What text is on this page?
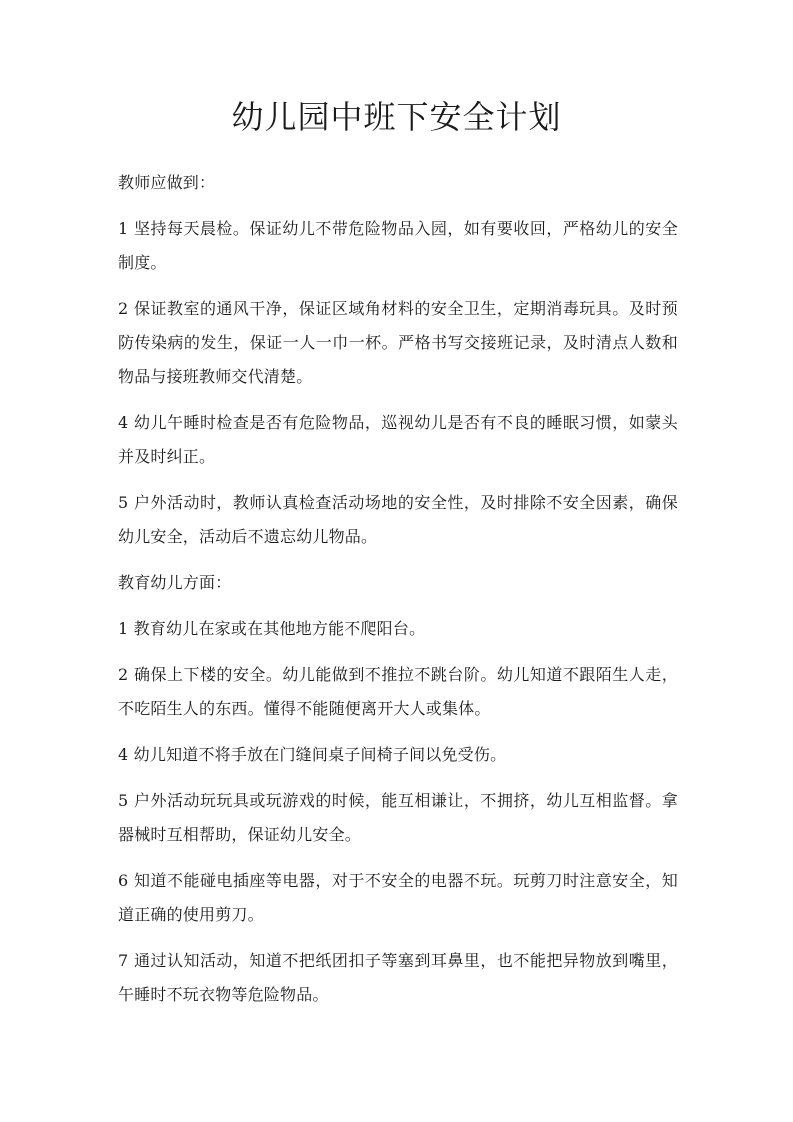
幼儿园中班下安全计划

教师应做到：

1 坚持每天晨检。保证幼儿不带危险物品入园，如有要收回，严格幼儿的安全制度。

2 保证教室的通风干净，保证区域角材料的安全卫生，定期消毒玩具。及时预防传染病的发生，保证一人一巾一杯。严格书写交接班记录，及时清点人数和物品与接班教师交代清楚。

4 幼儿午睡时检查是否有危险物品，巡视幼儿是否有不良的睡眠习惯，如蒙头并及时纠正。

5 户外活动时，教师认真检查活动场地的安全性，及时排除不安全因素，确保幼儿安全，活动后不遗忘幼儿物品。

教育幼儿方面：

1 教育幼儿在家或在其他地方能不爬阳台。

2 确保上下楼的安全。幼儿能做到不推拉不跳台阶。幼儿知道不跟陌生人走，不吃陌生人的东西。懂得不能随便离开大人或集体。

4 幼儿知道不将手放在门缝间桌子间椅子间以免受伤。

5 户外活动玩玩具或玩游戏的时候，能互相谦让，不拥挤，幼儿互相监督。拿器械时互相帮助，保证幼儿安全。

6 知道不能碰电插座等电器，对于不安全的电器不玩。玩剪刀时注意安全，知道正确的使用剪刀。

7 通过认知活动，知道不把纸团扣子等塞到耳鼻里，也不能把异物放到嘴里，午睡时不玩衣物等危险物品。
